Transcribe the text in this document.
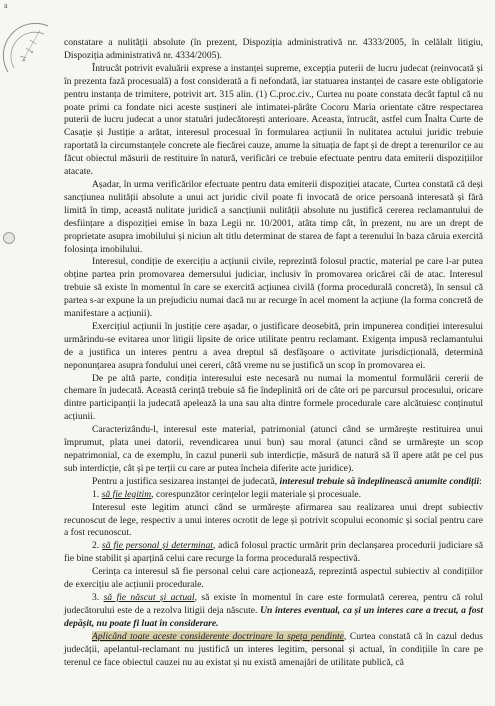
a

constatare a nulității absolute (în prezent, Dispoziția administrativă nr. 4333/2005, în celălalt litigiu, Dispoziția administrativă nr. 4334/2005).

Întrucât potrivit evaluării exprese a instanței supreme, excepția puterii de lucru judecat (reinvocată și în prezenta fază procesuală) a fost considerată a fi nefondată, iar statuarea instanței de casare este obligatorie pentru instanța de trimitere, potrivit art. 315 alin. (1) C.proc.civ., Curtea nu poate constata decât faptul că nu poate primi ca fondate nici aceste susțineri ale intimatei-pârâte Cocoru Maria orientate către respectarea puterii de lucru judecat a unor statuări judecătorești anterioare. Aceasta, întrucât, astfel cum Înalta Curte de Casație și Justiție a arătat, interesul procesual în formularea acțiunii în nulitatea actului juridic trebuie raportată la circumstanțele concrete ale fiecărei cauze, anume la situația de fapt și de drept a terenurilor ce au făcut obiectul măsurii de restituire în natură, verificări ce trebuie efectuate pentru data emiterii dispozițiilor atacate.

Așadar, în urma verificărilor efectuate pentru data emiterii dispoziției atacate, Curtea constată că deși sancțiunea nulității absolute a unui act juridic civil poate fi invocată de orice persoană interesată și fără limită în timp, această nulitate juridică a sancțiunii nulității absolute nu justifică cererea reclamantului de desființare a dispoziției emise în baza Legii nr. 10/2001, atâta timp cât, în prezent, nu are un drept de proprietate asupra imobilului și niciun alt titlu determinat de starea de fapt a terenului în baza căruia exercită folosința imobilului.

Interesul, condiție de exercițiu a acțiunii civile, reprezintă folosul practic, material pe care l-ar putea obține partea prin promovarea demersului judiciar, inclusiv în promovarea oricărei căi de atac. Interesul trebuie să existe în momentul în care se exercită acțiunea civilă (forma procedurală concretă), în sensul că partea s-ar expune la un prejudiciu numai dacă nu ar recurge în acel moment la acțiune (la forma concretă de manifestare a acțiunii).

Exercițiul acțiunii în justiție cere așadar, o justificare deosebită, prin impunerea condiției interesului urmărindu-se evitarea unor litigii lipsite de orice utilitate pentru reclamant. Exigența impusă reclamantului de a justifica un interes pentru a avea dreptul să desfășoare o activitate jurisdicțională, determină neponunțarea asupra fondului unei cereri, câtă vreme nu se justifică un scop în promovarea ei.

De pe altă parte, condiția interesului este necesară nu numai la momentul formulării cererii de chemare în judecată. Această cerință trebuie să fie îndeplinită ori de câte ori pe parcursul procesului, oricare dintre participanții la judecată apelează la una sau alta dintre formele procedurale care alcătuiesc conținutul acțiunii.

Caracterizându-l, interesul este material, patrimonial (atunci când se urmărește restituirea unui împrumut, plata unei datorii, revendicarea unui bun) sau moral (atunci când se urmărește un scop nepatrimonial, ca de exemplu, în cazul punerii sub interdicție, măsură de natură să îl apere atât pe cel pus sub interdicție, cât și pe terții cu care ar putea încheia diferite acte juridice).

Pentru a justifica sesizarea instanței de judecată, interesul trebuie să îndeplinească anumite condiții:

1. să fie legitim, corespunzător cerințelor legii materiale și procesuale.

Interesul este legitim atunci când se urmărește afirmarea sau realizarea unui drept subiectiv recunoscut de lege, respectiv a unui interes ocrotit de lege și potrivit scopului economic și social pentru care a fost recunoscut.

2. să fie personal și determinat, adică folosul practic urmărit prin declanșarea procedurii judiciare să fie bine stabilit și aparțină celui care recurge la forma procedurală respectivă.

Cerința ca interesul să fie personal celui care acționează, reprezintă aspectul subiectiv al condițiilor de exercițiu ale acțiunii procedurale.

3. să fie născut și actual, să existe în momentul în care este formulată cererea, pentru că rolul judecătorului este de a rezolva litigii deja născute. Un interes eventual, ca și un interes care a trecut, a fost depășit, nu poate fi luat în considerare.

Aplicând toate aceste considerente doctrinare la speța pendinte, Curtea constată că în cazul dedus judecății, apelantul-reclamant nu justifică un interes legitim, personal și actual, în condițiile în care pe terenul ce face obiectul cauzei nu au existat și nu există amenajări de utilitate publică, că
